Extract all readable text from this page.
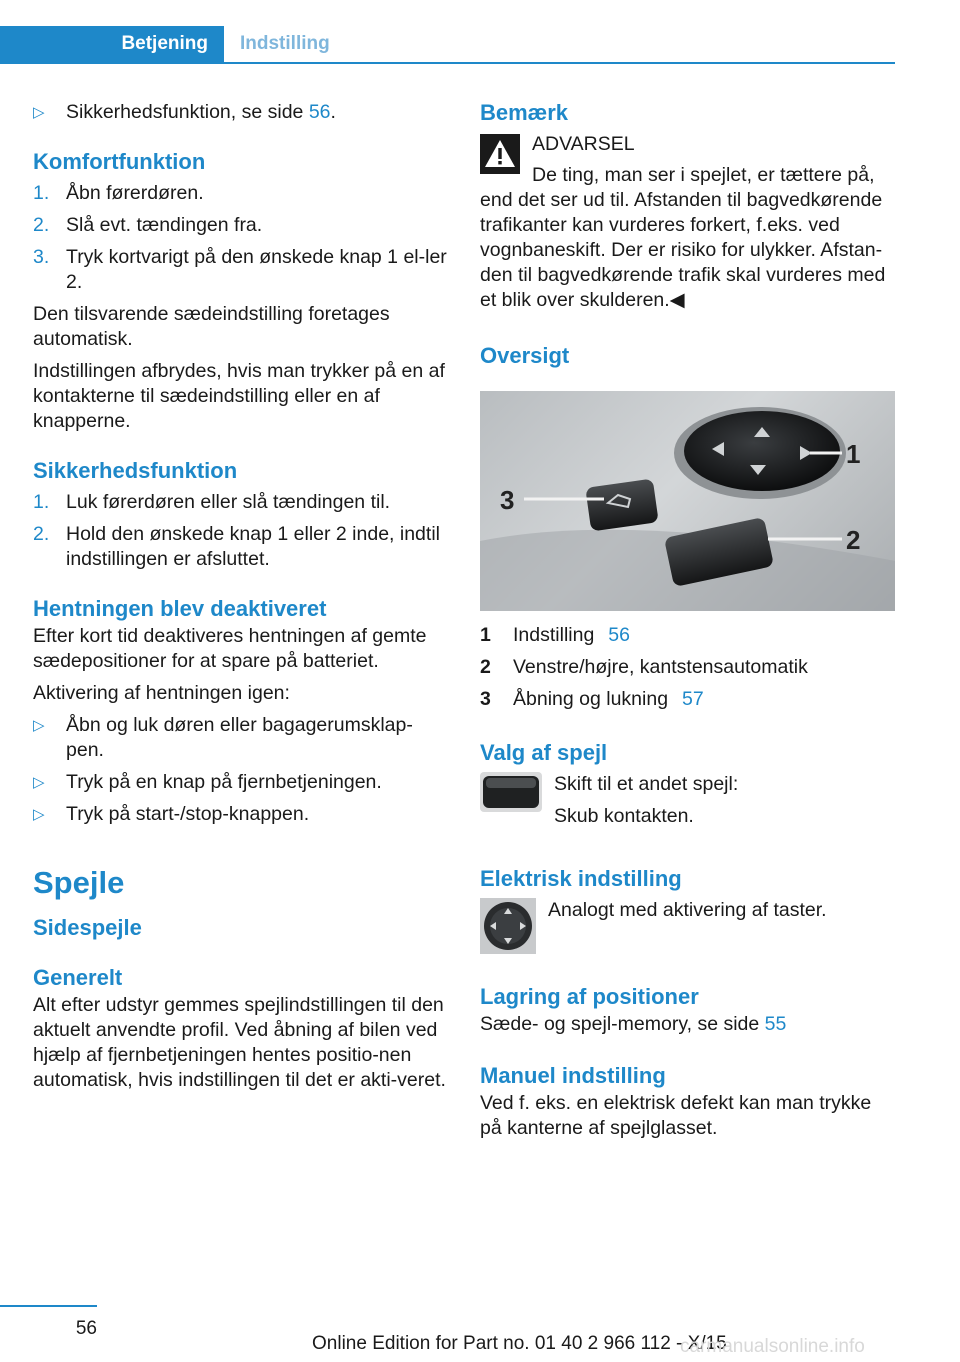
Betjening	Indstilling
▷	Sikkerhedsfunktion, se side 56.
Komfortfunktion
1. Åbn førerdøren.
2. Slå evt. tændingen fra.
3. Tryk kortvarigt på den ønskede knap 1 el-ler 2.

Den tilsvarende sædeindstilling foretages automatisk.

Indstillingen afbrydes, hvis man trykker på en af kontakterne til sædeindstilling eller en af knapperne.

Sikkerhedsfunktion
1. Luk førerdøren eller slå tændingen til.
2. Hold den ønskede knap 1 eller 2 inde, indtil indstillingen er afsluttet.
Hentningen blev deaktiveret

Efter kort tid deaktiveres hentningen af gemte sædepositioner for at spare på batteriet.

Aktivering af hentningen igen:

▷	Åbn og luk døren eller bagagerumsklap-pen.
▷	Tryk på en knap på fjernbetjeningen.
▷	Tryk på start-/stop-knappen.
Spejle
Sidespejle
Generelt

Alt efter udstyr gemmes spejlindstillingen til den aktuelt anvendte profil. Ved åbning af bilen ved hjælp af fjernbetjeningen hentes positio-nen automatisk, hvis indstillingen til det er akti-veret.

Bemærk
ADVARSEL
De ting, man ser i spejlet, er tættere på,

end det ser ud til. Afstanden til bagvedkørende trafikanter kan vurderes forkert, f.eks. ved vognbaneskift. Der er risiko for ulykker. Afstan-den til bagvedkørende trafik skal vurderes med et blik over skulderen.◀

Oversigt
1
2
3
1	Indstilling 56
2	Venstre/højre, kantstensautomatik
3	Åbning og lukning 57
Valg af spejl

Skift til et andet spejl:

Skub kontakten.

Elektrisk indstilling

Analogt med aktivering af taster.

Lagring af positioner

Sæde- og spejl-memory, se side 55

Manuel indstilling

Ved f. eks. en elektrisk defekt kan man trykke på kanterne af spejlglasset.

56
Online Edition for Part no. 01 40 2 966 112 - X/15
carmanualsonline.info
